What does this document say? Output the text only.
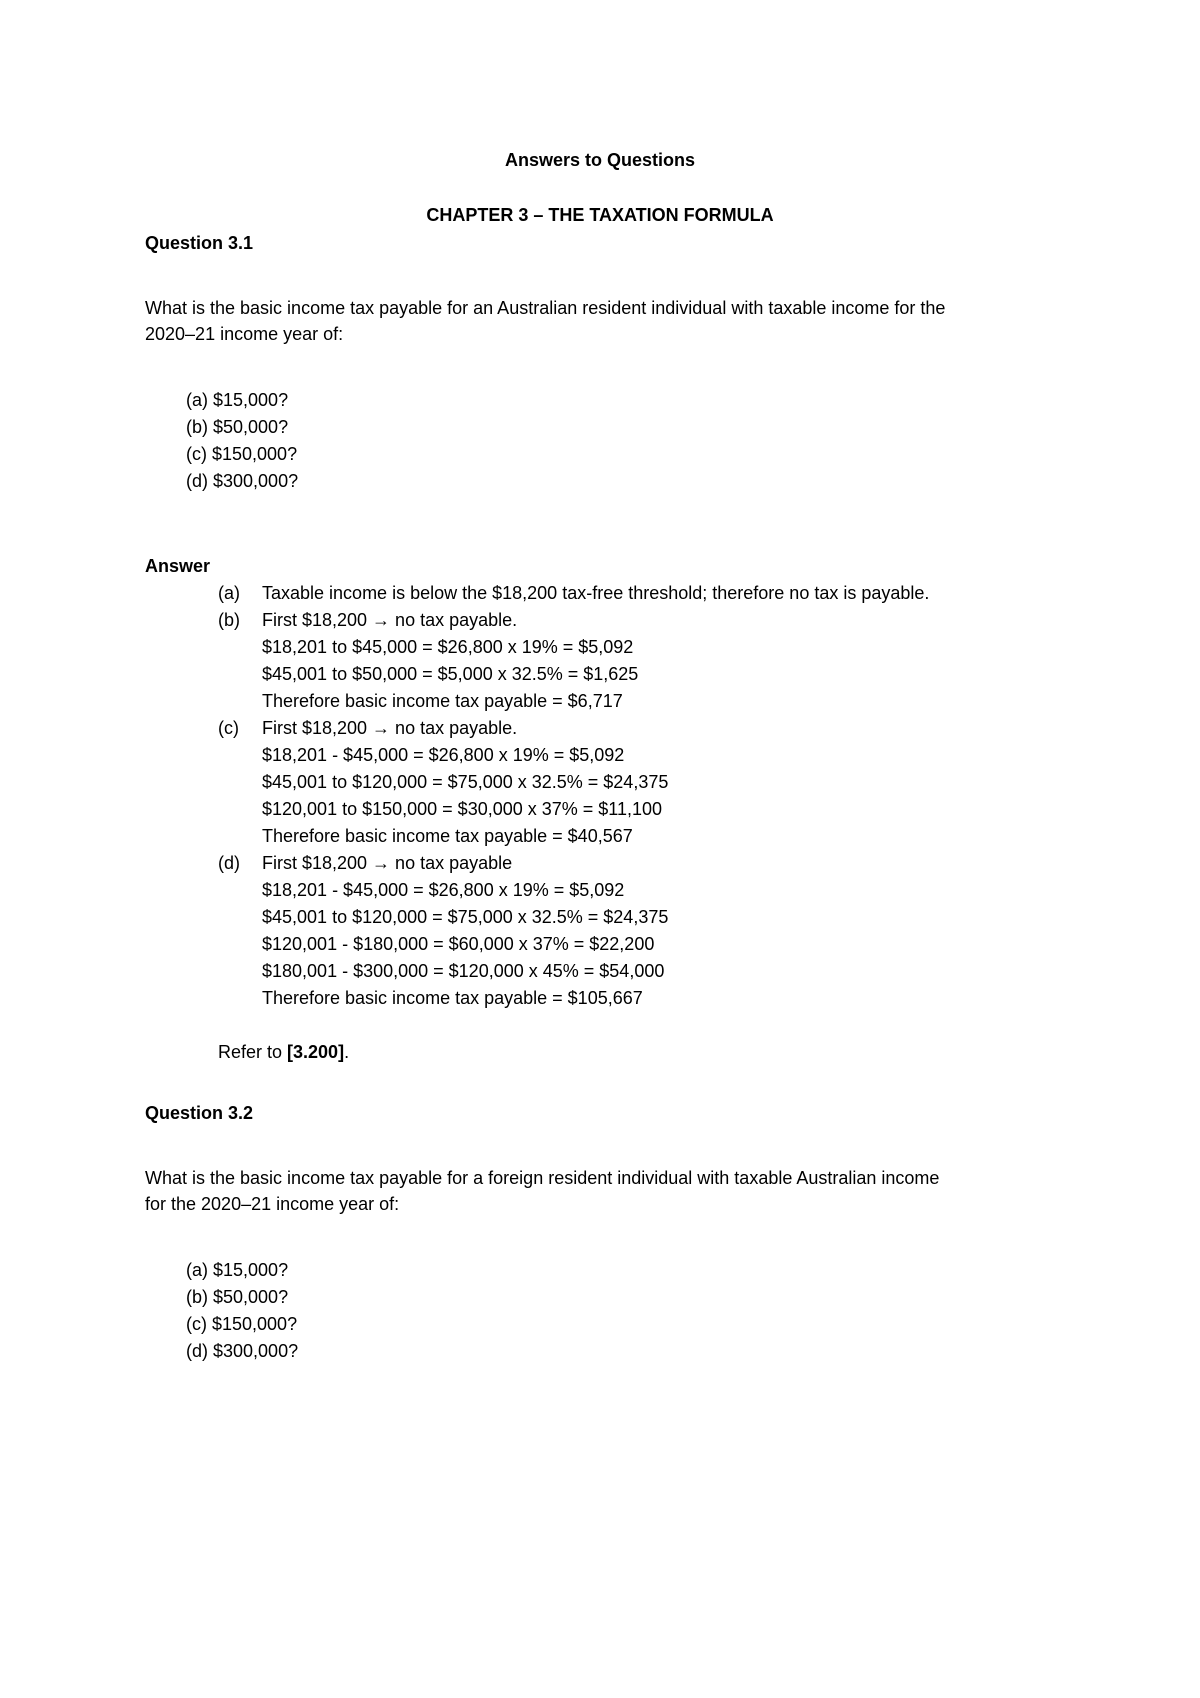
Answers to Questions
CHAPTER 3 – THE TAXATION FORMULA
Question 3.1
What is the basic income tax payable for an Australian resident individual with taxable income for the
2020–21 income year of:
(a) $15,000?
(b) $50,000?
(c) $150,000?
(d) $300,000?
Answer
(a) Taxable income is below the $18,200 tax-free threshold; therefore no tax is payable.
(b) First $18,200 → no tax payable.
$18,201 to $45,000 = $26,800 x 19% = $5,092
$45,001 to $50,000 = $5,000 x 32.5% = $1,625
Therefore basic income tax payable = $6,717
(c) First $18,200 → no tax payable.
$18,201 - $45,000 = $26,800 x 19% = $5,092
$45,001 to $120,000 = $75,000 x 32.5% = $24,375
$120,001 to $150,000 = $30,000 x 37% = $11,100
Therefore basic income tax payable = $40,567
(d) First $18,200 → no tax payable
$18,201 - $45,000 = $26,800 x 19% = $5,092
$45,001 to $120,000 = $75,000 x 32.5% = $24,375
$120,001 - $180,000 = $60,000 x 37% = $22,200
$180,001 - $300,000 = $120,000 x 45% = $54,000
Therefore basic income tax payable = $105,667
Refer to [3.200].
Question 3.2
What is the basic income tax payable for a foreign resident individual with taxable Australian income
for the 2020–21 income year of:
(a) $15,000?
(b) $50,000?
(c) $150,000?
(d) $300,000?
